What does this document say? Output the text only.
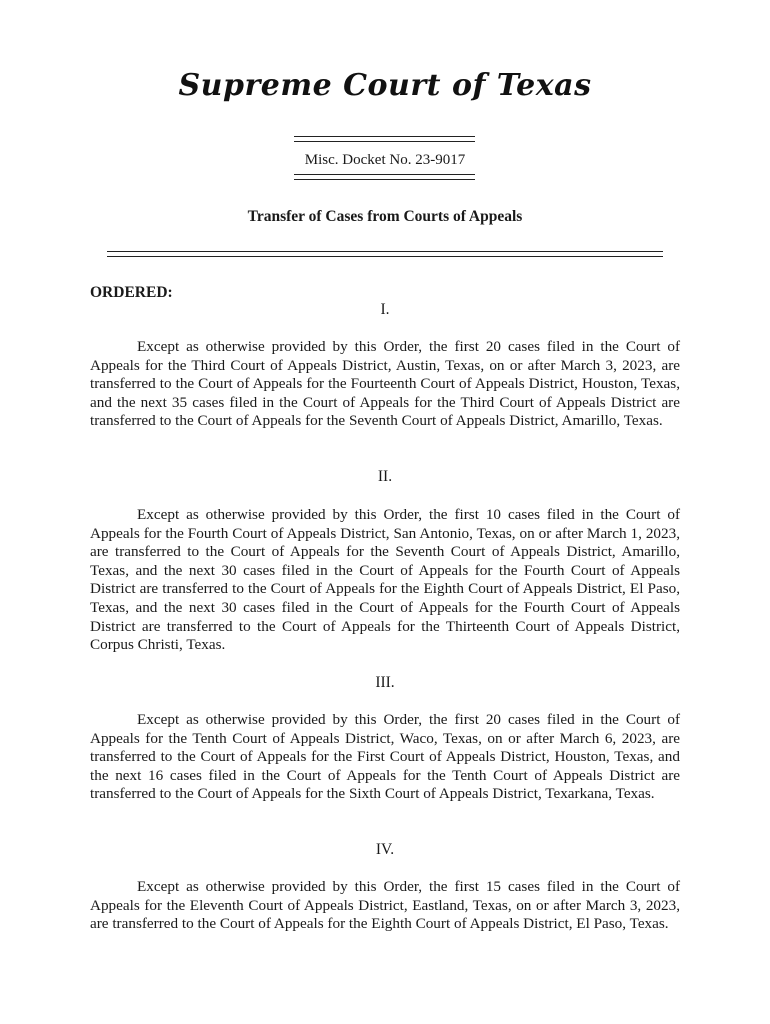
Supreme Court of Texas
Misc. Docket No. 23-9017
Transfer of Cases from Courts of Appeals
ORDERED:
I.

Except as otherwise provided by this Order, the first 20 cases filed in the Court of Appeals for the Third Court of Appeals District, Austin, Texas, on or after March 3, 2023, are transferred to the Court of Appeals for the Fourteenth Court of Appeals District, Houston, Texas, and the next 35 cases filed in the Court of Appeals for the Third Court of Appeals District are transferred to the Court of Appeals for the Seventh Court of Appeals District, Amarillo, Texas.

II.

Except as otherwise provided by this Order, the first 10 cases filed in the Court of Appeals for the Fourth Court of Appeals District, San Antonio, Texas, on or after March 1, 2023, are transferred to the Court of Appeals for the Seventh Court of Appeals District, Amarillo, Texas, and the next 30 cases filed in the Court of Appeals for the Fourth Court of Appeals District are transferred to the Court of Appeals for the Eighth Court of Appeals District, El Paso, Texas, and the next 30 cases filed in the Court of Appeals for the Fourth Court of Appeals District are transferred to the Court of Appeals for the Thirteenth Court of Appeals District, Corpus Christi, Texas.

III.

Except as otherwise provided by this Order, the first 20 cases filed in the Court of Appeals for the Tenth Court of Appeals District, Waco, Texas, on or after March 6, 2023, are transferred to the Court of Appeals for the First Court of Appeals District, Houston, Texas, and the next 16 cases filed in the Court of Appeals for the Tenth Court of Appeals District are transferred to the Court of Appeals for the Sixth Court of Appeals District, Texarkana, Texas.

IV.

Except as otherwise provided by this Order, the first 15 cases filed in the Court of Appeals for the Eleventh Court of Appeals District, Eastland, Texas, on or after March 3, 2023, are transferred to the Court of Appeals for the Eighth Court of Appeals District, El Paso, Texas.
